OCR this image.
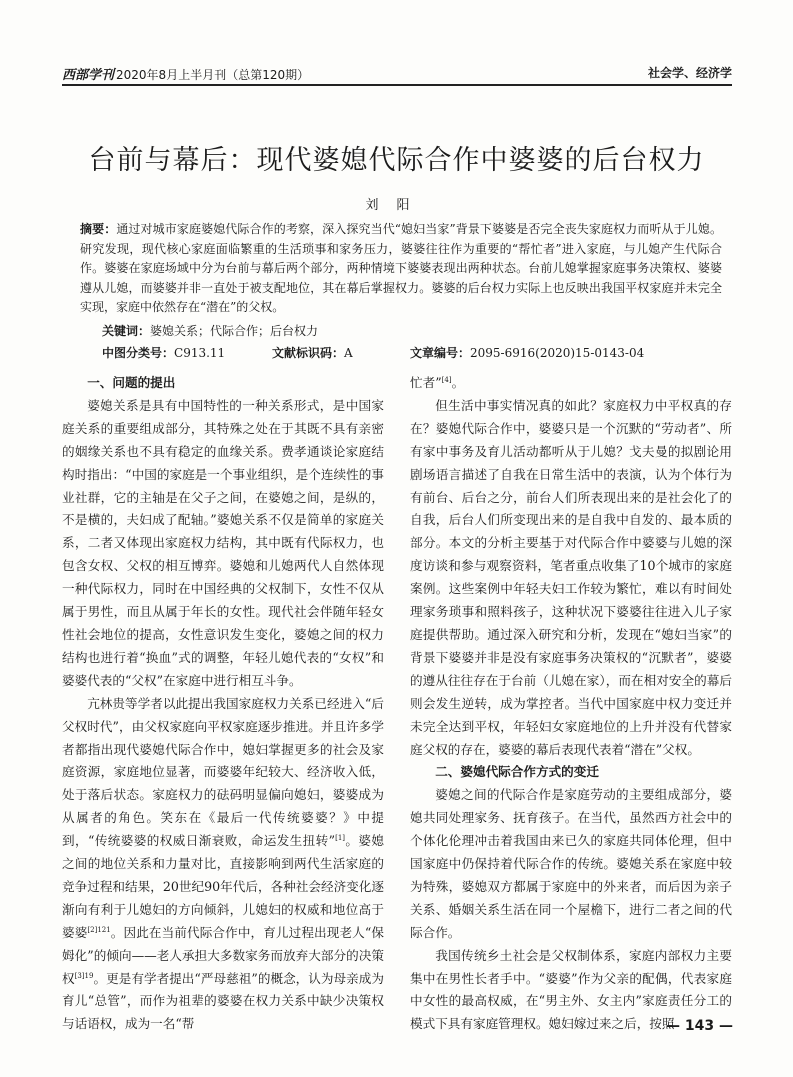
西部学刊 2020年8月上半月刊（总第120期）	社会学、经济学
台前与幕后：现代婆媳代际合作中婆婆的后台权力
刘阳
摘要：通过对城市家庭婆媳代际合作的考察，深入探究当代“媳妇当家”背景下婆婆是否完全丧失家庭权力而听从于儿媳。研究发现，现代核心家庭面临繁重的生活琐事和家务压力，婆婆往往作为重要的“帮忙者”进入家庭，与儿媳产生代际合作。婆婆在家庭场域中分为台前与幕后两个部分，两种情境下婆婆表现出两种状态。台前儿媳掌握家庭事务决策权、婆婆遵从儿媳，而婆婆并非一直处于被支配地位，其在幕后掌握权力。婆婆的后台权力实际上也反映出我国平权家庭并未完全实现，家庭中依然存在“潜在”的父权。
关键词：婆媳关系；代际合作；后台权力
中图分类号：C913.11	文献标识码：A	文章编号：2095-6916(2020)15-0143-04
一、问题的提出

婆媳关系是具有中国特性的一种关系形式，是中国家庭关系的重要组成部分，其特殊之处在于其既不具有亲密的姻缘关系也不具有稳定的血缘关系。费孝通谈论家庭结构时指出：“中国的家庭是一个事业组织，是个连续性的事业社群，它的主轴是在父子之间，在婆媳之间，是纵的，不是横的，夫妇成了配轴。”婆媳关系不仅是简单的家庭关系，二者又体现出家庭权力结构，其中既有代际权力，也包含女权、父权的相互博弈。婆媳和儿媳两代人自然体现一种代际权力，同时在中国经典的父权制下，女性不仅从属于男性，而且从属于年长的女性。现代社会伴随年轻女性社会地位的提高，女性意识发生变化，婆媳之间的权力结构也进行着“换血”式的调整，年轻儿媳代表的“女权”和婆婆代表的“父权”在家庭中进行相互斗争。

亢林贵等学者以此提出我国家庭权力关系已经进入“后父权时代”，由父权家庭向平权家庭逐步推进。并且许多学者都指出现代婆媳代际合作中，媳妇掌握更多的社会及家庭资源，家庭地位显著，而婆婆年纪较大、经济收入低，处于落后状态。家庭权力的砝码明显偏向媳妇，婆婆成为从属者的角色。笑东在《最后一代传统婆婆？》中提到，“传统婆婆的权威日渐衰败，命运发生扭转”[1]。婆媳之间的地位关系和力量对比，直接影响到两代生活家庭的竞争过程和结果，20世纪90年代后，各种社会经济变化逐渐向有利于儿媳妇的方向倾斜，儿媳妇的权威和地位高于婆婆$^{[2]121}$。因此在当前代际合作中，育儿过程出现老人“保姆化”的倾向——老人承担大多数家务而放弃大部分的决策权$^{[3]19}$。更是有学者提出“严母慈祖”的概念，认为母亲成为育儿“总管”，而作为祖辈的婆婆在权力关系中缺少决策权与话语权，成为一名“帮

忙者”[4]。

但生活中事实情况真的如此？家庭权力中平权真的存在？婆媳代际合作中，婆婆只是一个沉默的“劳动者”、所有家中事务及育儿活动都听从于儿媳？戈夫曼的拟剧论用剧场语言描述了自我在日常生活中的表演，认为个体行为有前台、后台之分，前台人们所表现出来的是社会化了的自我，后台人们所变现出来的是自我中自发的、最本质的部分。本文的分析主要基于对代际合作中婆婆与儿媳的深度访谈和参与观察资料，笔者重点收集了10个城市的家庭案例。这些案例中年轻夫妇工作较为繁忙，难以有时间处理家务琐事和照料孩子，这种状况下婆婆往往进入儿子家庭提供帮助。通过深入研究和分析，发现在“媳妇当家”的背景下婆婆并非是没有家庭事务决策权的“沉默者”，婆婆的遵从往往存在于台前（儿媳在家），而在相对安全的幕后则会发生逆转，成为掌控者。当代中国家庭中权力变迁并未完全达到平权，年轻妇女家庭地位的上升并没有代替家庭父权的存在，婆婆的幕后表现代表着“潜在”父权。

二、婆媳代际合作方式的变迁

婆媳之间的代际合作是家庭劳动的主要组成部分，婆媳共同处理家务、抚育孩子。在当代，虽然西方社会中的个体化伦理冲击着我国由来已久的家庭共同体伦理，但中国家庭中仍保持着代际合作的传统。婆媳关系在家庭中较为特殊，婆媳双方都属于家庭中的外来者，而后因为亲子关系、婚姻关系生活在同一个屋檐下，进行二者之间的代际合作。

我国传统乡土社会是父权制体系，家庭内部权力主要集中在男性长者手中。“婆婆”作为父亲的配偶，代表家庭中女性的最高权威，在“男主外、女主内”家庭责任分工的模式下具有家庭管理权。媳妇嫁过来之后，按照

— 143 —
